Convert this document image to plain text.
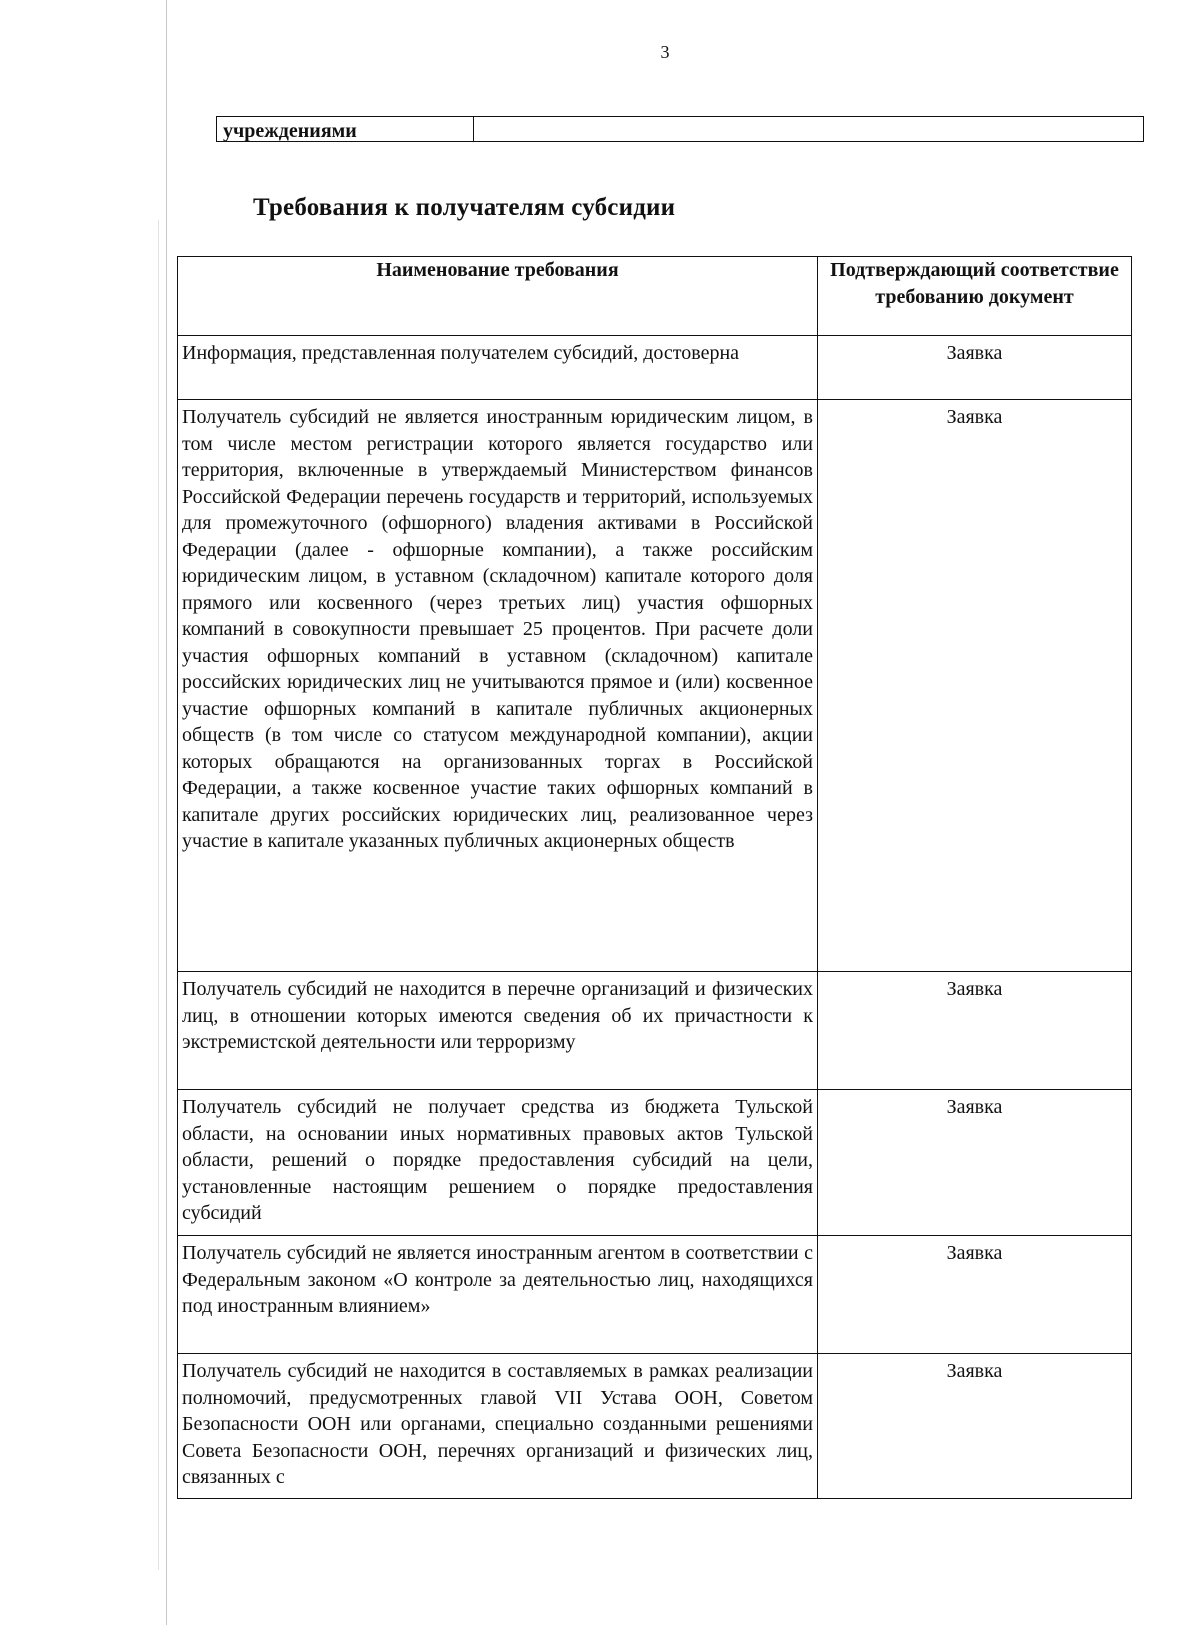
3
учреждениями	
Требования к получателям субсидии
Наименование требования	Подтверждающий соответствие требованию документ
Информация, представленная получателем субсидий, достоверна	Заявка
Получатель субсидий не является иностранным юридическим лицом, в том числе местом регистрации которого является государство или территория, включенные в утверждаемый Министерством финансов Российской Федерации перечень государств и территорий, используемых для промежуточного (офшорного) владения активами в Российской Федерации (далее - офшорные компании), а также российским юридическим лицом, в уставном (складочном) капитале которого доля прямого или косвенного (через третьих лиц) участия офшорных компаний в совокупности превышает 25 процентов. При расчете доли участия офшорных компаний в уставном (складочном) капитале российских юридических лиц не учитываются прямое и (или) косвенное участие офшорных компаний в капитале публичных акционерных обществ (в том числе со статусом международной компании), акции которых обращаются на организованных торгах в Российской Федерации, а также косвенное участие таких офшорных компаний в капитале других российских юридических лиц, реализованное через участие в капитале указанных публичных акционерных обществ	Заявка
Получатель субсидий не находится в перечне организаций и физических лиц, в отношении которых имеются сведения об их причастности к экстремистской деятельности или терроризму	Заявка
Получатель субсидий не получает средства из бюджета Тульской области, на основании иных нормативных правовых актов Тульской области, решений о порядке предоставления субсидий на цели, установленные настоящим решением о порядке предоставления субсидий	Заявка
Получатель субсидий не является иностранным агентом в соответствии с Федеральным законом «О контроле за деятельностью лиц, находящихся под иностранным влиянием»	Заявка
Получатель субсидий не находится в составляемых в рамках реализации полномочий, предусмотренных главой VII Устава ООН, Советом Безопасности ООН или органами, специально созданными решениями Совета Безопасности ООН, перечнях организаций и физических лиц, связанных с	Заявка
